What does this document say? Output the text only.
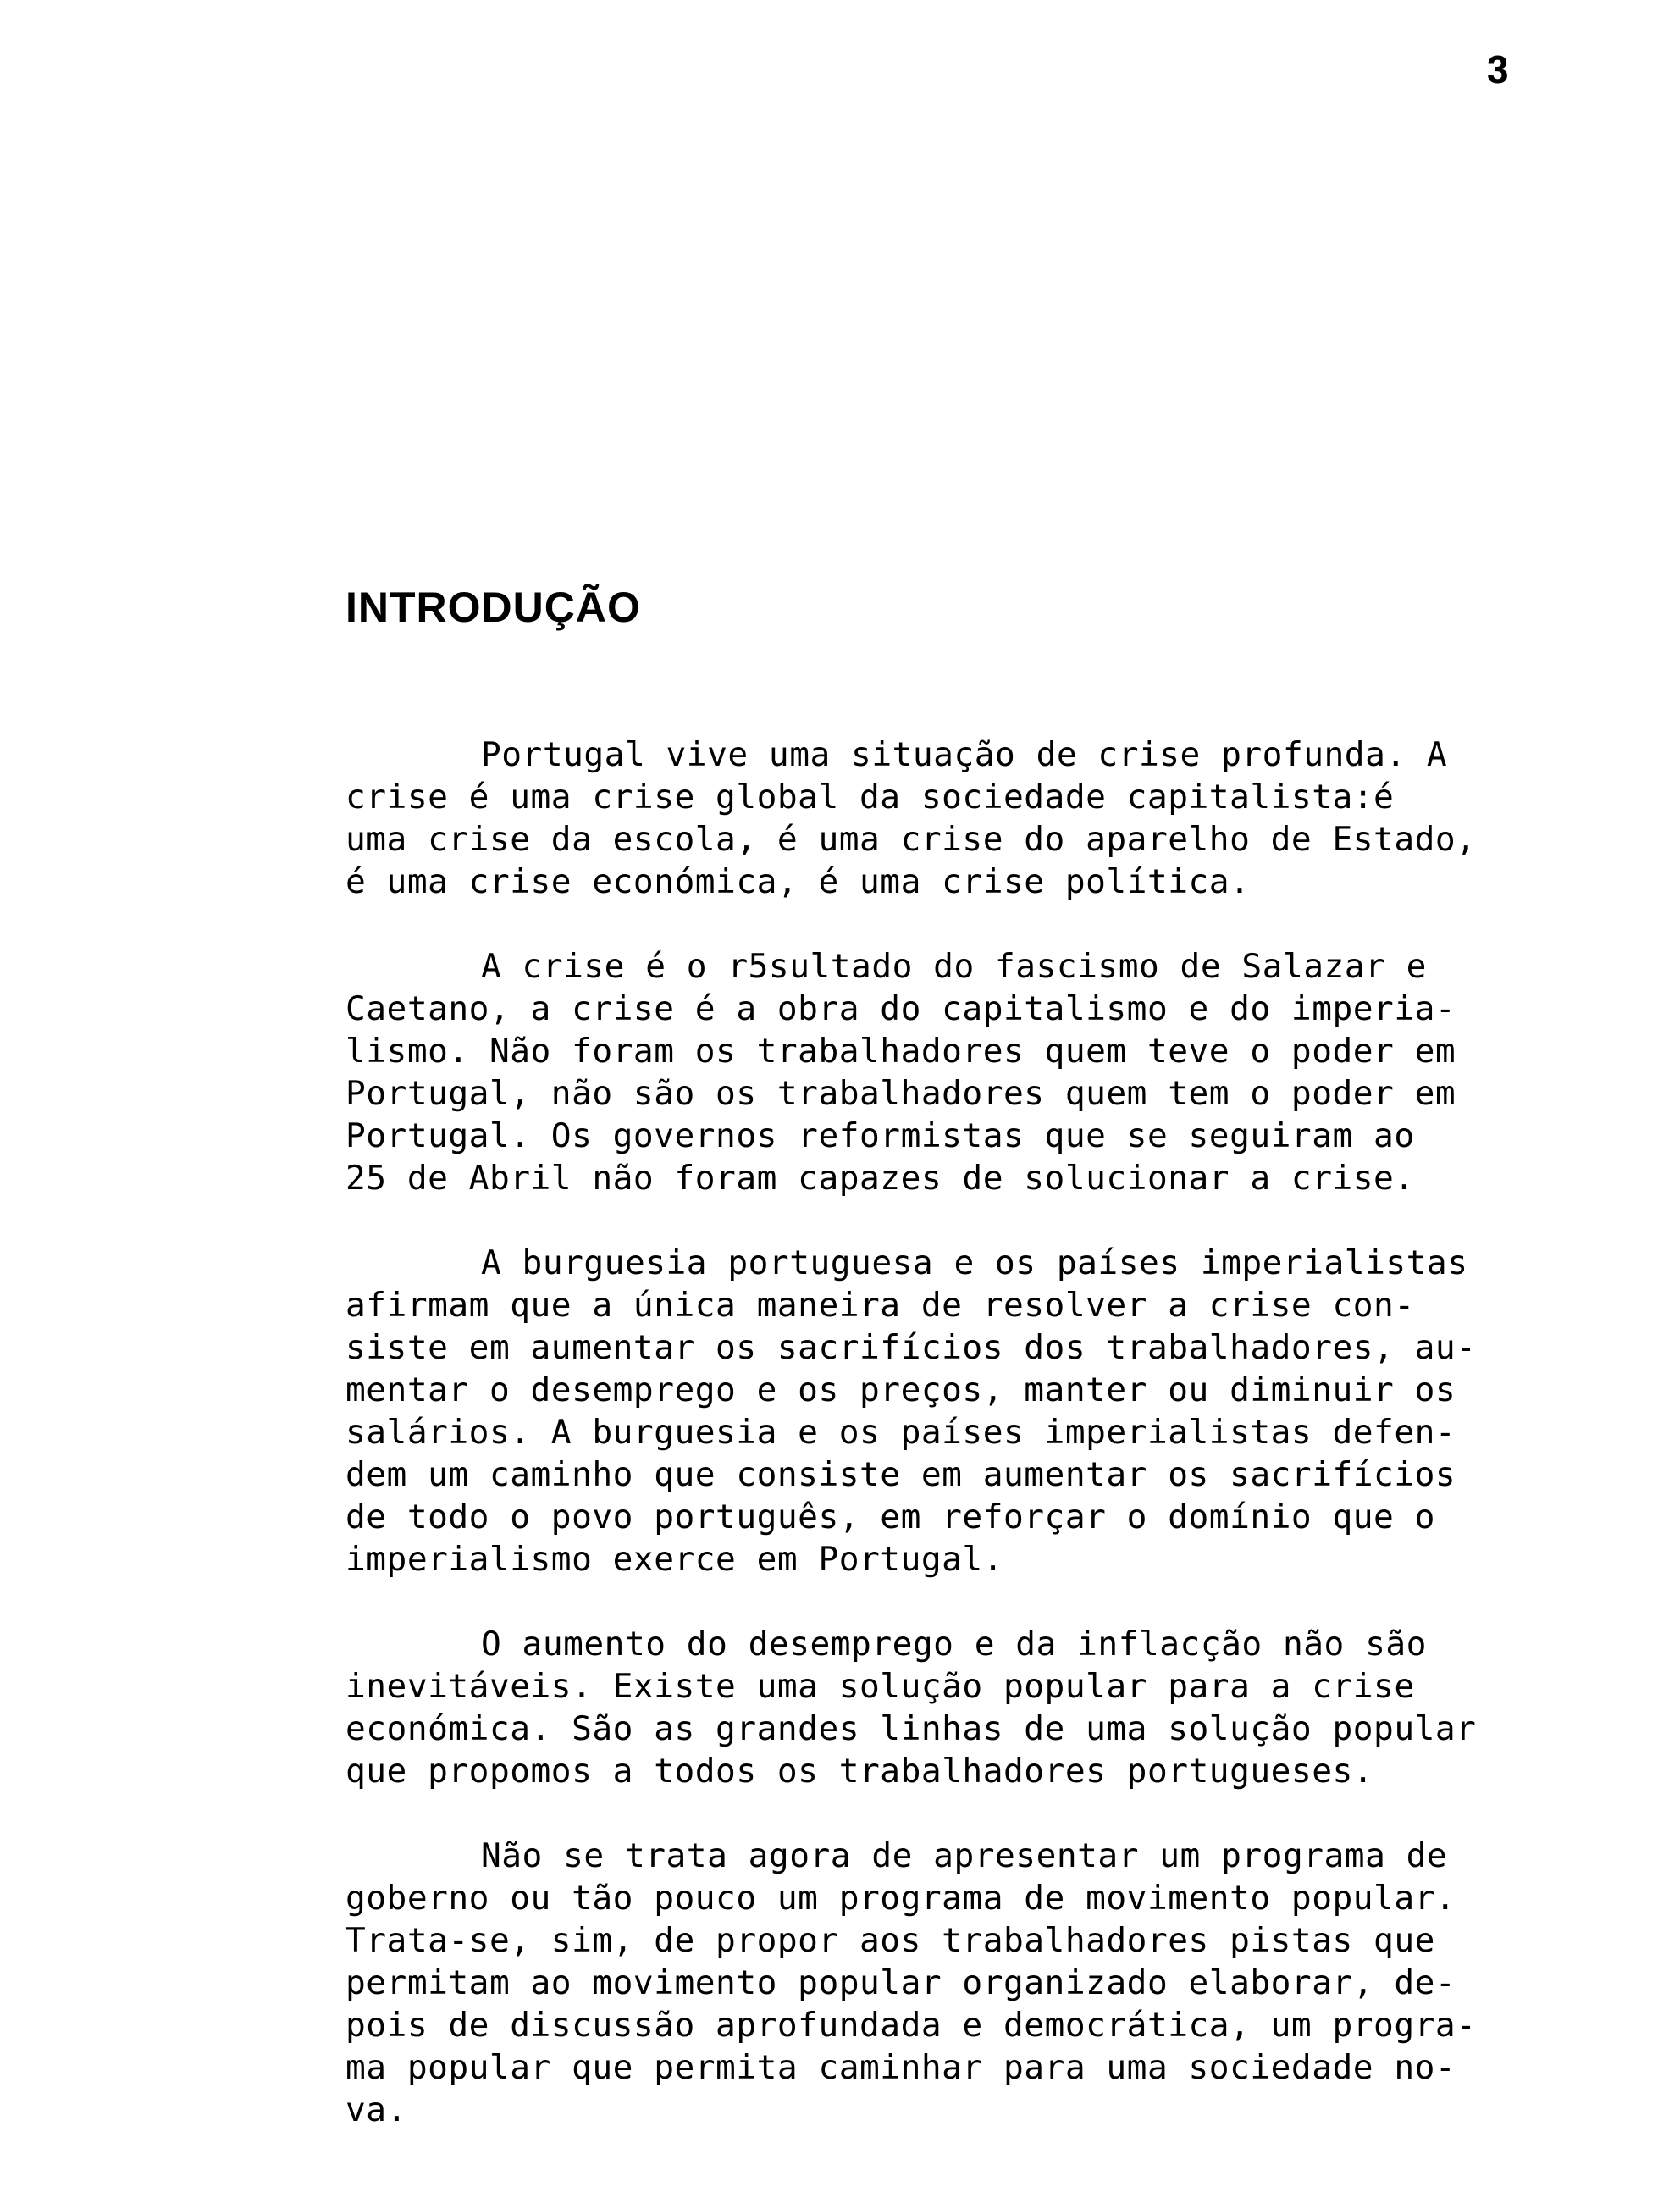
3
INTRODUÇÃO

Portugal vive uma situação de crise profunda. A
crise é uma crise global da sociedade capitalista:é
uma crise da escola, é uma crise do aparelho de Estado,
é uma crise económica, é uma crise política.

A crise é o r5sultado do fascismo de Salazar e
Caetano, a crise é a obra do capitalismo e do imperia-
lismo. Não foram os trabalhadores quem teve o poder em
Portugal, não são os trabalhadores quem tem o poder em
Portugal. Os governos reformistas que se seguiram ao
25 de Abril não foram capazes de solucionar a crise.

A burguesia portuguesa e os países imperialistas
afirmam que a única maneira de resolver a crise con-
siste em aumentar os sacrifícios dos trabalhadores, au-
mentar o desemprego e os preços, manter ou diminuir os
salários. A burguesia e os países imperialistas defen-
dem um caminho que consiste em aumentar os sacrifícios
de todo o povo português, em reforçar o domínio que o
imperialismo exerce em Portugal.

O aumento do desemprego e da inflacção não são
inevitáveis. Existe uma solução popular para a crise
económica. São as grandes linhas de uma solução popular
que propomos a todos os trabalhadores portugueses.

Não se trata agora de apresentar um programa de
goberno ou tão pouco um programa de movimento popular.
Trata-se, sim, de propor aos trabalhadores pistas que
permitam ao movimento popular organizado elaborar, de-
pois de discussão aprofundada e democrática, um progra-
ma popular que permita caminhar para uma sociedade no-
va.
